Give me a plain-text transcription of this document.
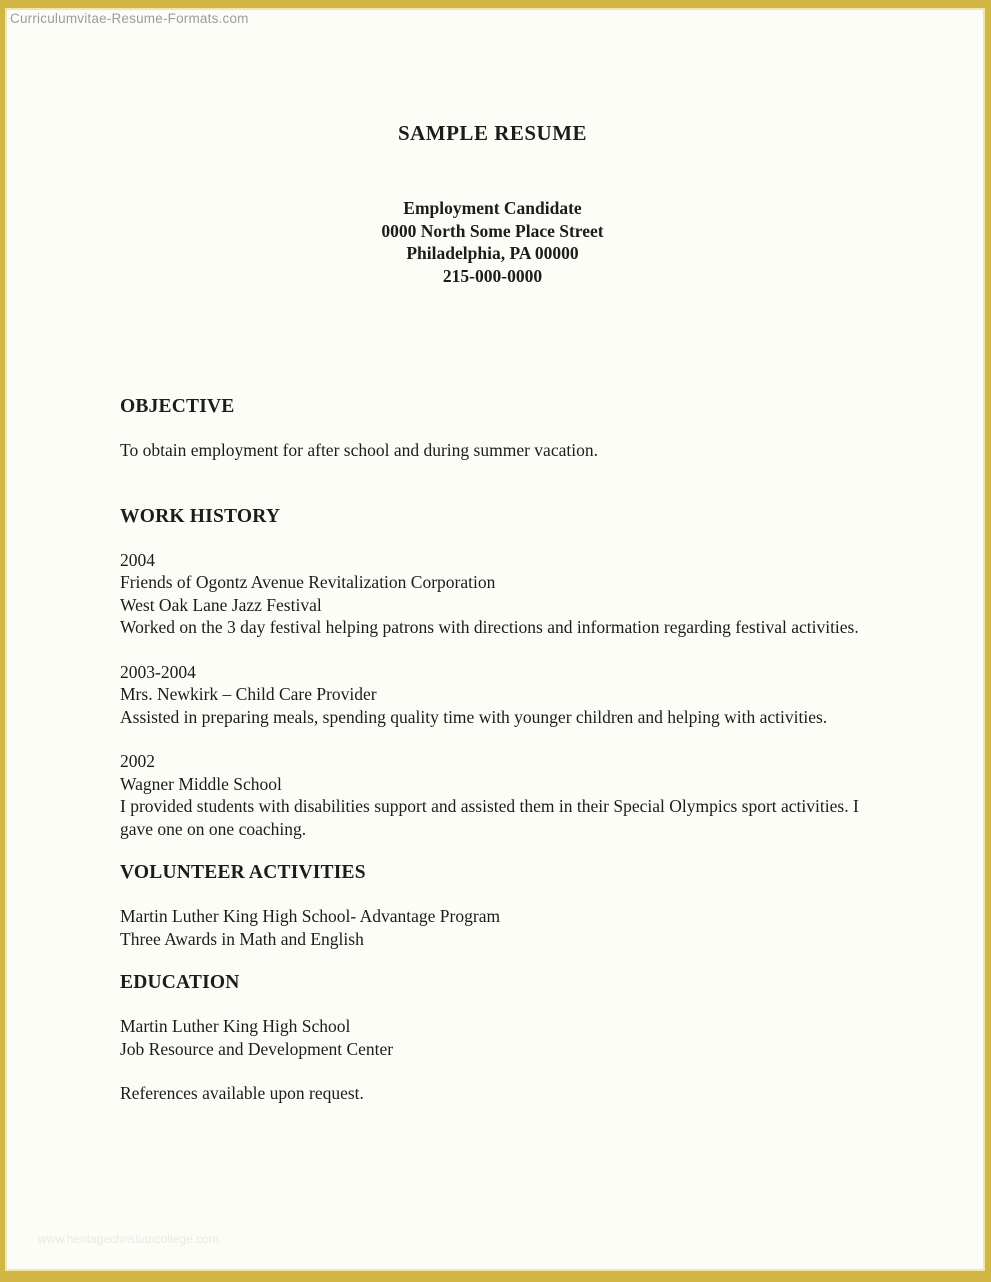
Curriculumvitae-Resume-Formats.com
SAMPLE RESUME
Employment Candidate
0000 North Some Place Street
Philadelphia, PA 00000
215-000-0000
OBJECTIVE
To obtain employment for after school and during summer vacation.
WORK HISTORY
2004
Friends of Ogontz Avenue Revitalization Corporation
West Oak Lane Jazz Festival
Worked on the 3 day festival helping patrons with directions and information regarding festival activities.
2003-2004
Mrs. Newkirk – Child Care Provider
Assisted in preparing meals, spending quality time with younger children and helping with activities.
2002
Wagner Middle School
I provided students with disabilities support and assisted them in their Special Olympics sport activities. I gave one on one coaching.
VOLUNTEER ACTIVITIES
Martin Luther King High School- Advantage Program
Three Awards in Math and English
EDUCATION
Martin Luther King High School
Job Resource and Development Center
References available upon request.
www.heritagechristiancollege.com
